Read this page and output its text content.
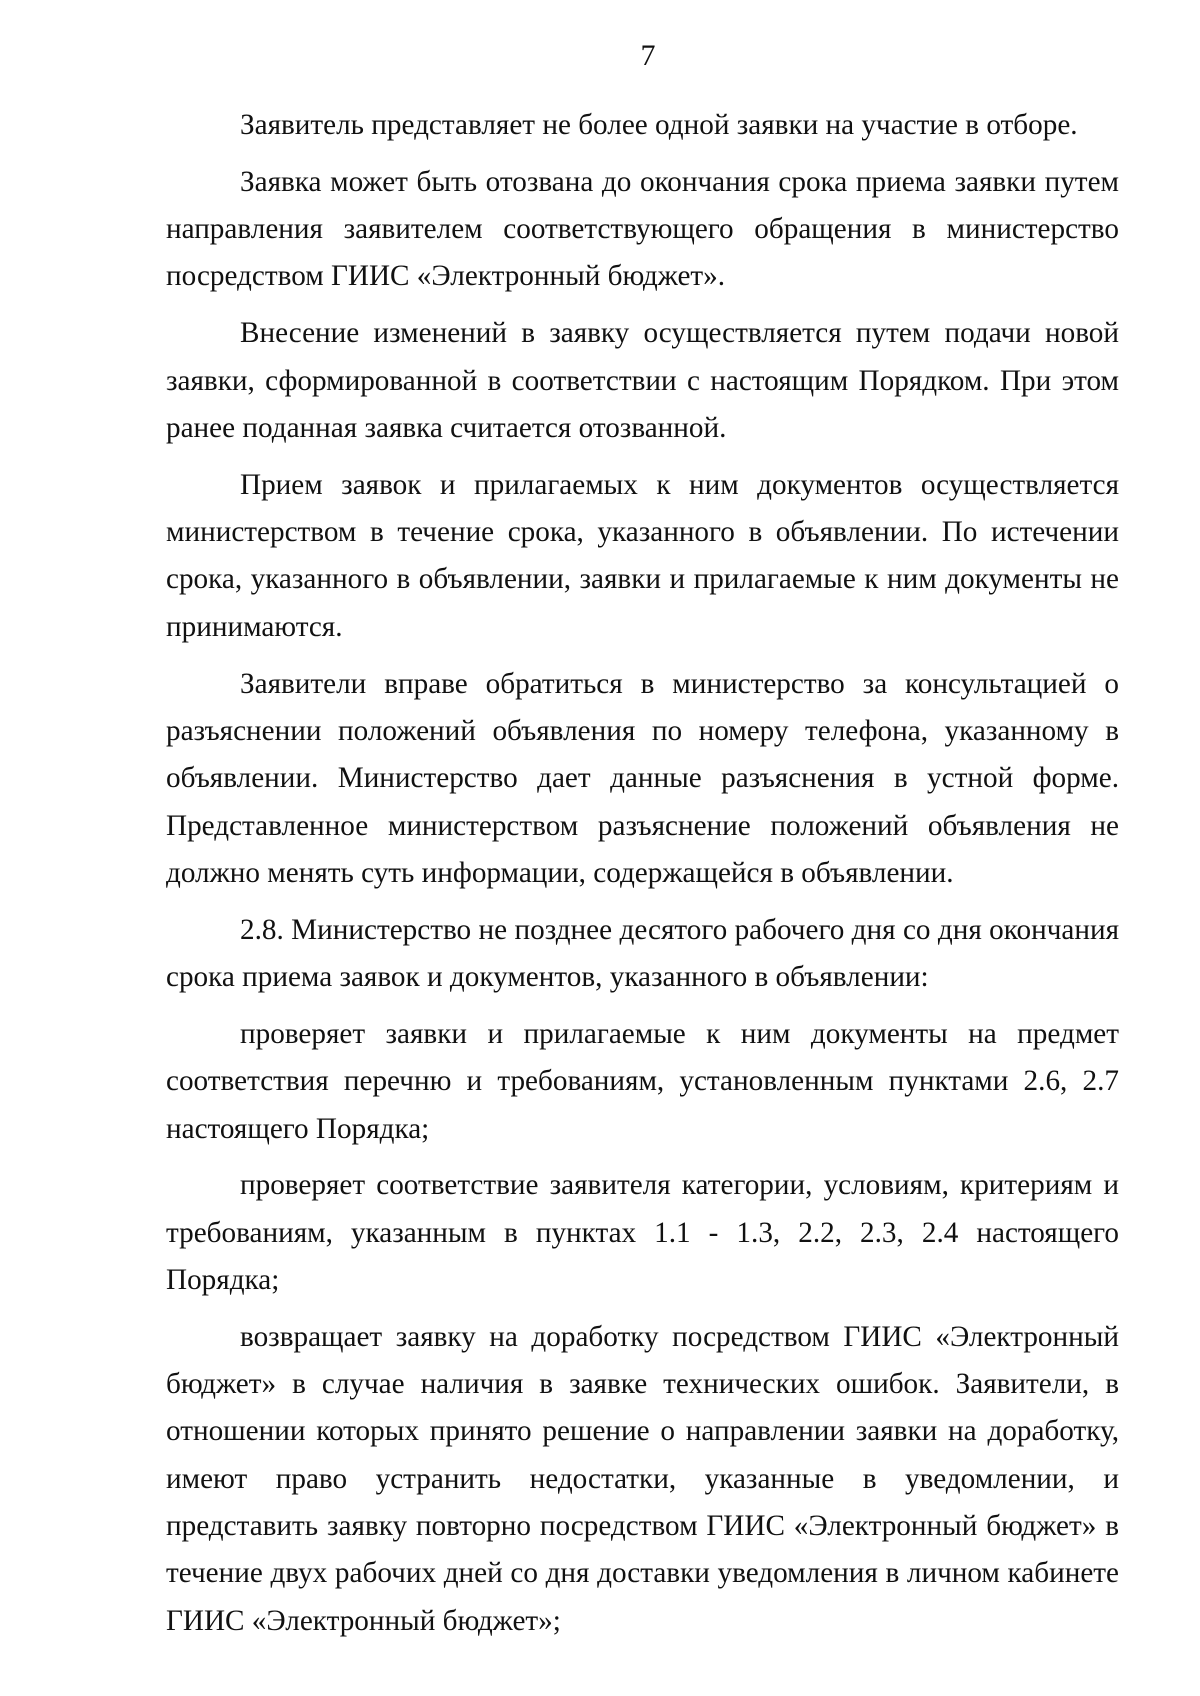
7

Заявитель представляет не более одной заявки на участие в отборе.

Заявка может быть отозвана до окончания срока приема заявки путем направления заявителем соответствующего обращения в министерство посредством ГИИС «Электронный бюджет».

Внесение изменений в заявку осуществляется путем подачи новой заявки, сформированной в соответствии с настоящим Порядком. При этом ранее поданная заявка считается отозванной.

Прием заявок и прилагаемых к ним документов осуществляется министерством в течение срока, указанного в объявлении. По истечении срока, указанного в объявлении, заявки и прилагаемые к ним документы не принимаются.

Заявители вправе обратиться в министерство за консультацией о разъяснении положений объявления по номеру телефона, указанному в объявлении. Министерство дает данные разъяснения в устной форме. Представленное министерством разъяснение положений объявления не должно менять суть информации, содержащейся в объявлении.

2.8. Министерство не позднее десятого рабочего дня со дня окончания срока приема заявок и документов, указанного в объявлении:

проверяет заявки и прилагаемые к ним документы на предмет соответствия перечню и требованиям, установленным пунктами 2.6, 2.7 настоящего Порядка;

проверяет соответствие заявителя категории, условиям, критериям и требованиям, указанным в пунктах 1.1 - 1.3, 2.2, 2.3, 2.4 настоящего Порядка;

возвращает заявку на доработку посредством ГИИС «Электронный бюджет» в случае наличия в заявке технических ошибок. Заявители, в отношении которых принято решение о направлении заявки на доработку, имеют право устранить недостатки, указанные в уведомлении, и представить заявку повторно посредством ГИИС «Электронный бюджет» в течение двух рабочих дней со дня доставки уведомления в личном кабинете ГИИС «Электронный бюджет»;
